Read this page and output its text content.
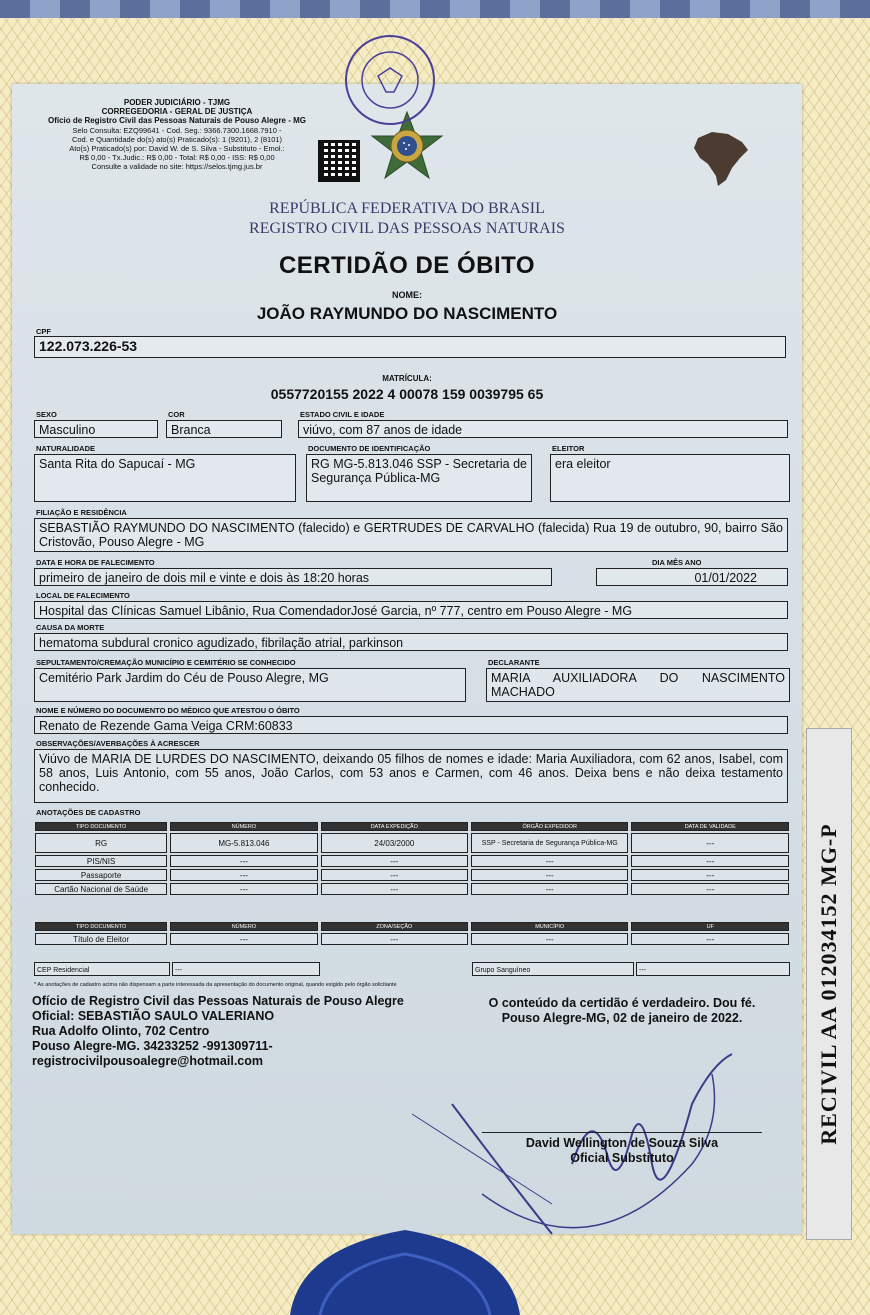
PODER JUDICIÁRIO - TJMG
CORREGEDORIA - GERAL DE JUSTIÇA
Ofício de Registro Civil das Pessoas Naturais de Pouso Alegre - MG
Selo Consulta: EZQ99641 - Cod. Seg.: 9366.7300.1668.7910 -
Cod. e Quantidade do(s) ato(s) Praticado(s): 1 (9201), 2 (8101)
Ato(s) Praticado(s) por: David W. de S. Silva - Substituto - Emol.:
R$ 0,00 - Tx.Judic.: R$ 0,00 - Total: R$ 0,00 - ISS: R$ 0,00
Consulte a validade no site: https://selos.tjmg.jus.br
REPÚBLICA FEDERATIVA DO BRASIL
REGISTRO CIVIL DAS PESSOAS NATURAIS
CERTIDÃO DE ÓBITO
NOME:
JOÃO RAYMUNDO DO NASCIMENTO
CPF
122.073.226-53
MATRÍCULA:
0557720155 2022 4 00078 159 0039795 65
SEXO
Masculino
COR
Branca
ESTADO CIVIL E IDADE
viúvo, com 87 anos de idade
NATURALIDADE
Santa Rita do Sapucaí - MG
DOCUMENTO DE IDENTIFICAÇÃO
RG MG-5.813.046 SSP - Secretaria de Segurança Pública-MG
ELEITOR
era eleitor
FILIAÇÃO E RESIDÊNCIA
SEBASTIÃO RAYMUNDO DO NASCIMENTO (falecido) e GERTRUDES DE CARVALHO (falecida) Rua 19 de outubro, 90, bairro São Cristovão, Pouso Alegre - MG
DATA E HORA DE FALECIMENTO
primeiro de janeiro de dois mil e vinte e dois às 18:20 horas
DIA MÊS ANO
01/01/2022
LOCAL DE FALECIMENTO
Hospital das Clínicas Samuel Libânio, Rua ComendadorJosé Garcia, nº 777, centro em Pouso Alegre - MG
CAUSA DA MORTE
hematoma subdural cronico agudizado, fibrilação atrial, parkinson
SEPULTAMENTO/CREMAÇÃO MUNICÍPIO E CEMITÉRIO SE CONHECIDO
Cemitério Park Jardim do Céu de Pouso Alegre, MG
DECLARANTE
MARIA AUXILIADORA DO NASCIMENTO MACHADO
NOME E NÚMERO DO DOCUMENTO DO MÉDICO QUE ATESTOU O ÓBITO
Renato de Rezende Gama Veiga CRM:60833
OBSERVAÇÕES/AVERBAÇÕES À ACRESCER
Viúvo de MARIA DE LURDES DO NASCIMENTO, deixando 05 filhos de nomes e idade: Maria Auxiliadora, com 62 anos, Isabel, com 58 anos, Luis Antonio, com 55 anos, João Carlos, com 53 anos e Carmen, com 46 anos. Deixa bens e não deixa testamento conhecido.
ANOTAÇÕES DE CADASTRO
TIPO DOCUMENTO	NÚMERO	DATA EXPEDIÇÃO	ÓRGÃO EXPEDIDOR	DATA DE VALIDADE
RG	MG-5.813.046	24/03/2000	SSP - Secretaria de Segurança Pública-MG	---
PIS/NIS	---	---	---	---
Passaporte	---	---	---	---
Cartão Nacional de Saúde	---	---	---	---
TIPO DOCUMENTO	NÚMERO	ZONA/SEÇÃO	MUNICÍPIO	UF
Título de Eleitor	---	---	---	---
CEP Residencial	---	Grupo Sanguíneo	---
* As anotações de cadastro acima não dispensam a parte interessada da apresentação do documento original, quando exigido pelo órgão solicitante
Ofício de Registro Civil das Pessoas Naturais de Pouso Alegre
Oficial: SEBASTIÃO SAULO VALERIANO
Rua Adolfo Olinto, 702 Centro
Pouso Alegre-MG. 34233252 -991309711-
registrocivilpousoalegre@hotmail.com
O conteúdo da certidão é verdadeiro. Dou fé.
Pouso Alegre-MG, 02 de janeiro de 2022.
David Wellington de Souza Silva
Oficial Substituto
RECIVIL AA 012034152 MG-P
